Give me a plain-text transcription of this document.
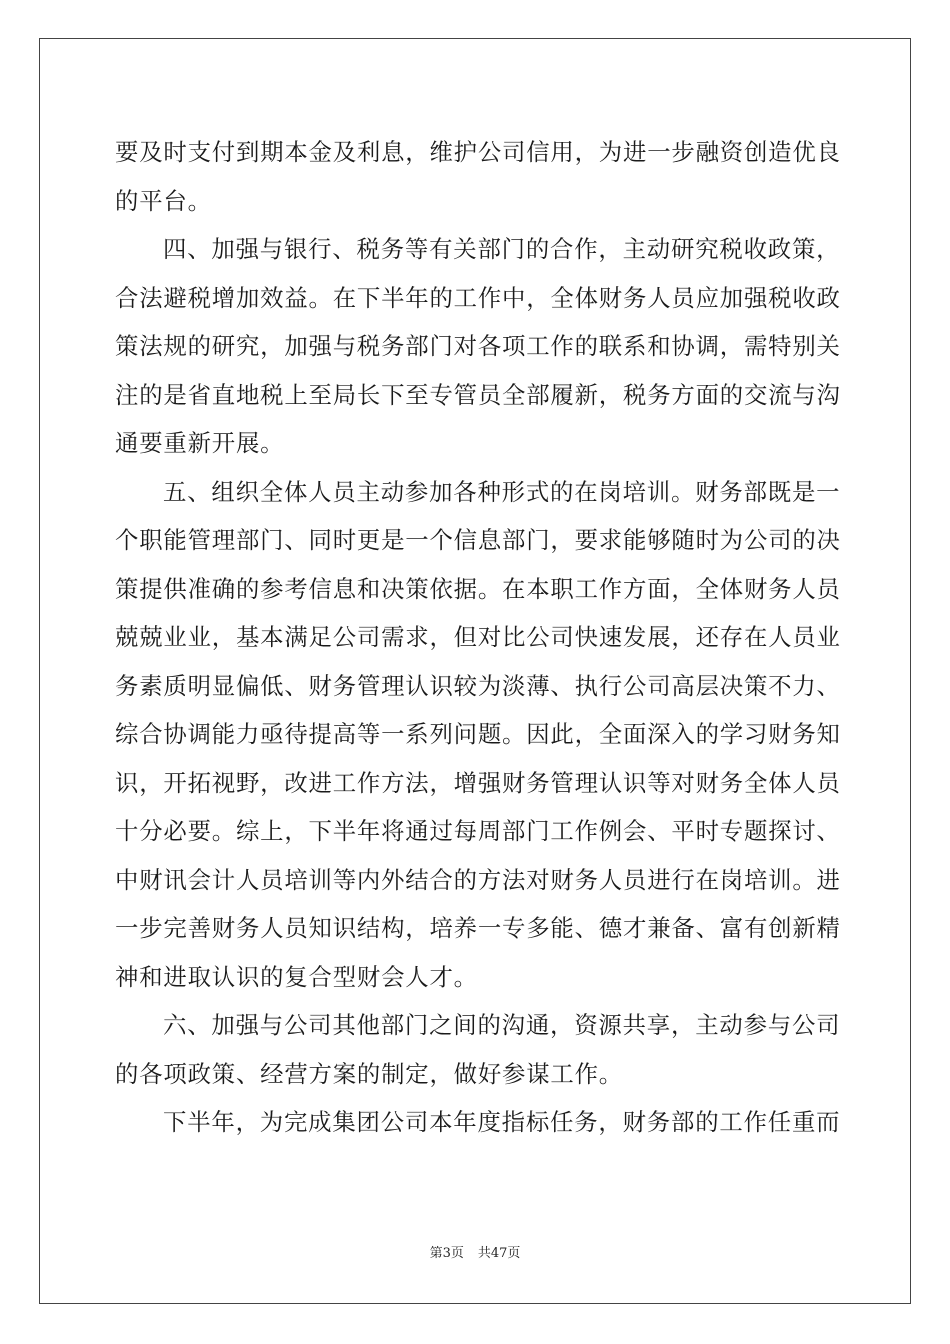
要及时支付到期本金及利息，维护公司信用，为进一步融资创造优良
的平台。
四、加强与银行、税务等有关部门的合作，主动研究税收政策，
合法避税增加效益。在下半年的工作中，全体财务人员应加强税收政
策法规的研究，加强与税务部门对各项工作的联系和协调，需特别关
注的是省直地税上至局长下至专管员全部履新，税务方面的交流与沟
通要重新开展。
五、组织全体人员主动参加各种形式的在岗培训。财务部既是一
个职能管理部门、同时更是一个信息部门，要求能够随时为公司的决
策提供准确的参考信息和决策依据。在本职工作方面，全体财务人员
兢兢业业，基本满足公司需求，但对比公司快速发展，还存在人员业
务素质明显偏低、财务管理认识较为淡薄、执行公司高层决策不力、
综合协调能力亟待提高等一系列问题。因此，全面深入的学习财务知
识，开拓视野，改进工作方法，增强财务管理认识等对财务全体人员
十分必要。综上，下半年将通过每周部门工作例会、平时专题探讨、
中财讯会计人员培训等内外结合的方法对财务人员进行在岗培训。进
一步完善财务人员知识结构，培养一专多能、德才兼备、富有创新精
神和进取认识的复合型财会人才。
六、加强与公司其他部门之间的沟通，资源共享，主动参与公司
的各项政策、经营方案的制定，做好参谋工作。
下半年，为完成集团公司本年度指标任务，财务部的工作任重而
第3页 共47页
